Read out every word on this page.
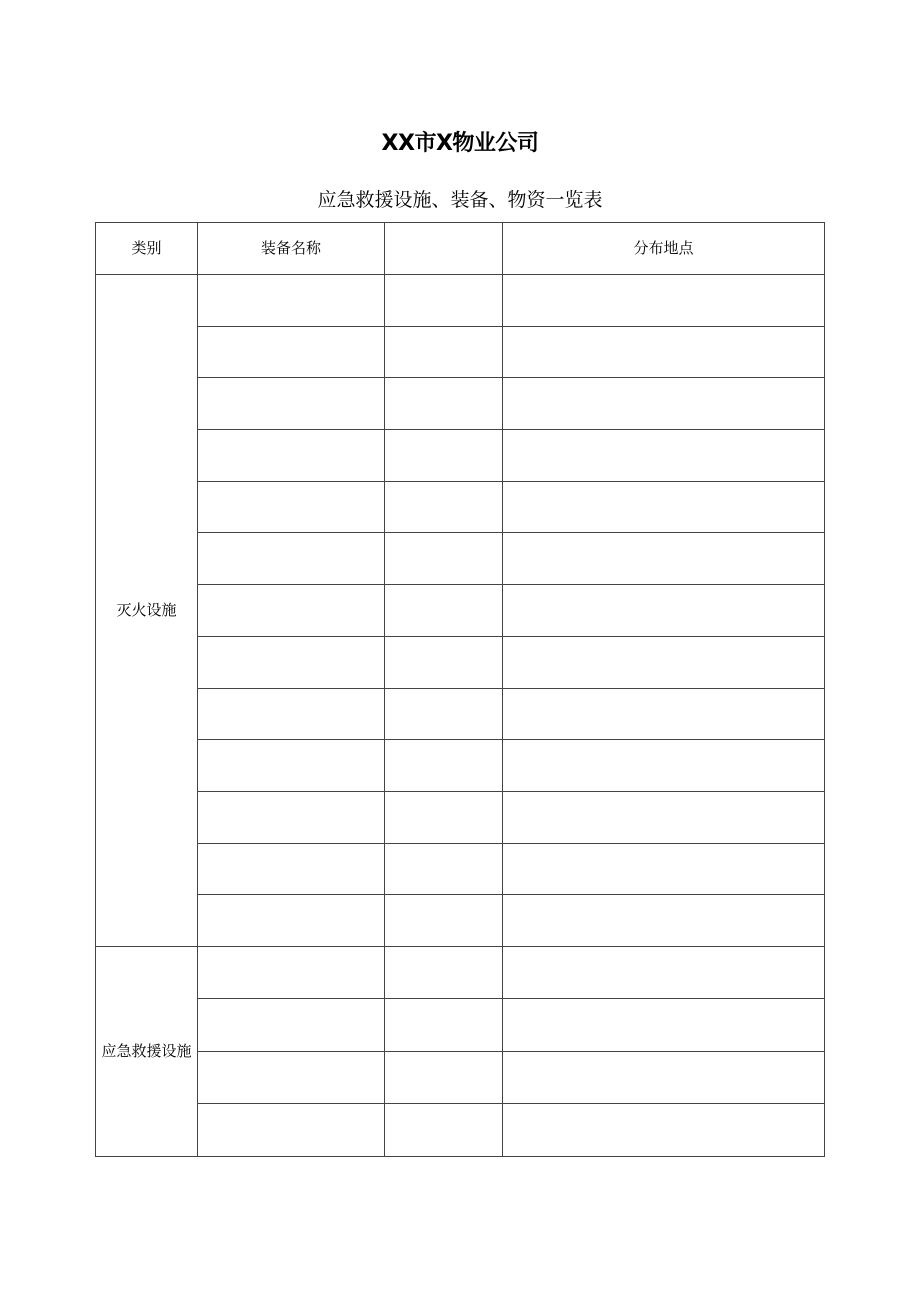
XX市X物业公司
应急救援设施、装备、物资一览表
类别	装备名称		分布地点
灭火设施			

应急救援设施			
